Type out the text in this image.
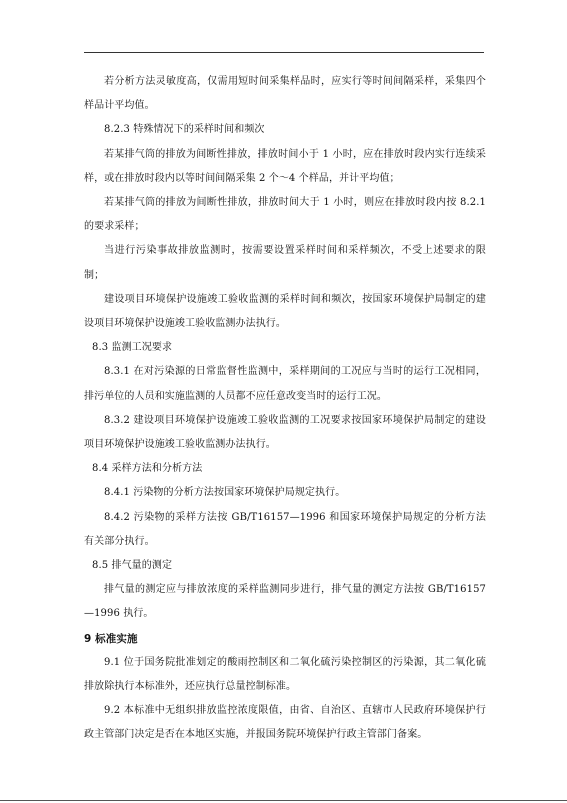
若分析方法灵敏度高，仅需用短时间采集样品时，应实行等时间间隔采样，采集四个样品计平均值。

8.2.3 特殊情况下的采样时间和频次

若某排气筒的排放为间断性排放，排放时间小于 1 小时，应在排放时段内实行连续采样，或在排放时段内以等时间间隔采集 2 个～4 个样品，并计平均值；

若某排气筒的排放为间断性排放，排放时间大于 1 小时，则应在排放时段内按 8.2.1 的要求采样；

当进行污染事故排放监测时，按需要设置采样时间和采样频次，不受上述要求的限制；

建设项目环境保护设施竣工验收监测的采样时间和频次，按国家环境保护局制定的建设项目环境保护设施竣工验收监测办法执行。

8.3 监测工况要求

8.3.1 在对污染源的日常监督性监测中，采样期间的工况应与当时的运行工况相同，排污单位的人员和实施监测的人员都不应任意改变当时的运行工况。

8.3.2 建设项目环境保护设施竣工验收监测的工况要求按国家环境保护局制定的建设项目环境保护设施竣工验收监测办法执行。

8.4 采样方法和分析方法

8.4.1 污染物的分析方法按国家环境保护局规定执行。

8.4.2 污染物的采样方法按 GB/T16157—1996 和国家环境保护局规定的分析方法有关部分执行。

8.5 排气量的测定

排气量的测定应与排放浓度的采样监测同步进行，排气量的测定方法按 GB/T16157—1996 执行。

9 标准实施

9.1 位于国务院批准划定的酸雨控制区和二氧化硫污染控制区的污染源，其二氧化硫排放除执行本标准外，还应执行总量控制标准。

9.2 本标准中无组织排放监控浓度限值，由省、自治区、直辖市人民政府环境保护行政主管部门决定是否在本地区实施，并报国务院环境保护行政主管部门备案。
